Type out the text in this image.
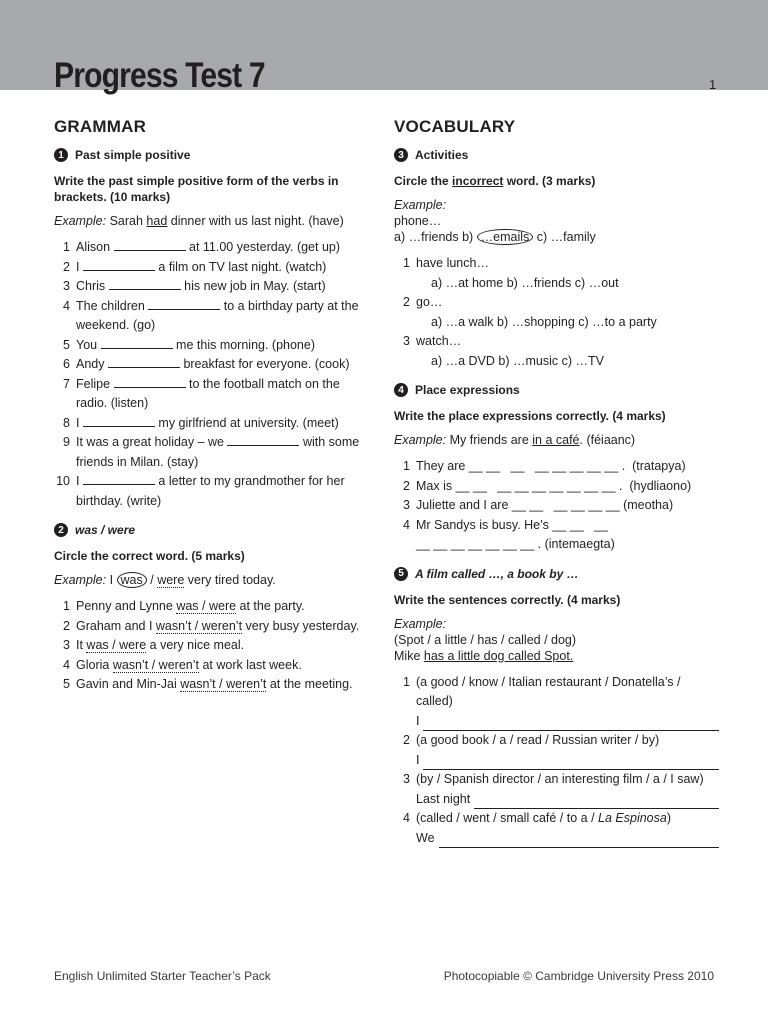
Progress Test 7	1
GRAMMAR
1 Past simple positive
Write the past simple positive form of the verbs in brackets. (10 marks)
Example: Sarah had dinner with us last night. (have)
1 Alison	at 11.00 yesterday. (get up)
2 I	a film on TV last night. (watch)
3 Chris	his new job in May. (start)
4 The children	to a birthday party at the weekend. (go)
5 You	me this morning. (phone)
6 Andy	breakfast for everyone. (cook)
7 Felipe	to the football match on the radio. (listen)
8 I	my girlfriend at university. (meet)
9 It was a great holiday – we	with some friends in Milan. (stay)
10 I	a letter to my grandmother for her birthday. (write)
2 was / were
Circle the correct word. (5 marks)
Example: I was / were very tired today.
1 Penny and Lynne was / were at the party.
2 Graham and I wasn’t / weren’t very busy yesterday.
3 It was / were a very nice meal.
4 Gloria wasn’t / weren’t at work last week.
5 Gavin and Min-Jai wasn’t / weren’t at the meeting.
VOCABULARY
3 Activities
Circle the incorrect word. (3 marks)
Example:
phone…
a) …friends b) …emails c) …family
1 have lunch…
a) …at home b) …friends c) …out
2 go…
a) …a walk b) …shopping c) …to a party
3 watch…
a) …a DVD b) …music c) …TV
4 Place expressions
Write the place expressions correctly. (4 marks)
Example: My friends are in a café. (féiaanc)
1 They are __ __   __   __ __ __ __ __ .  (tratapya)
2 Max is __ __   __ __ __ __ __ __ __ .  (hydliaono)
3 Juliette and I are __ __   __ __ __ __ (meotha)
4 Mr Sandys is busy. He’s __ __   __
__ __ __ __ __ __ __ . (intemaegta)
5 A film called …, a book by …
Write the sentences correctly. (4 marks)
Example:
(Spot / a little / has / called / dog)
Mike has a little dog called Spot.
1 (a good / know / Italian restaurant / Donatella’s / called)
I
2 (a good book / a / read / Russian writer / by)
I
3 (by / Spanish director / an interesting film / a / I saw)
Last night
4 (called / went / small café / to a / La Espinosa)
We
English Unlimited Starter Teacher’s Pack	Photocopiable © Cambridge University Press 2010
